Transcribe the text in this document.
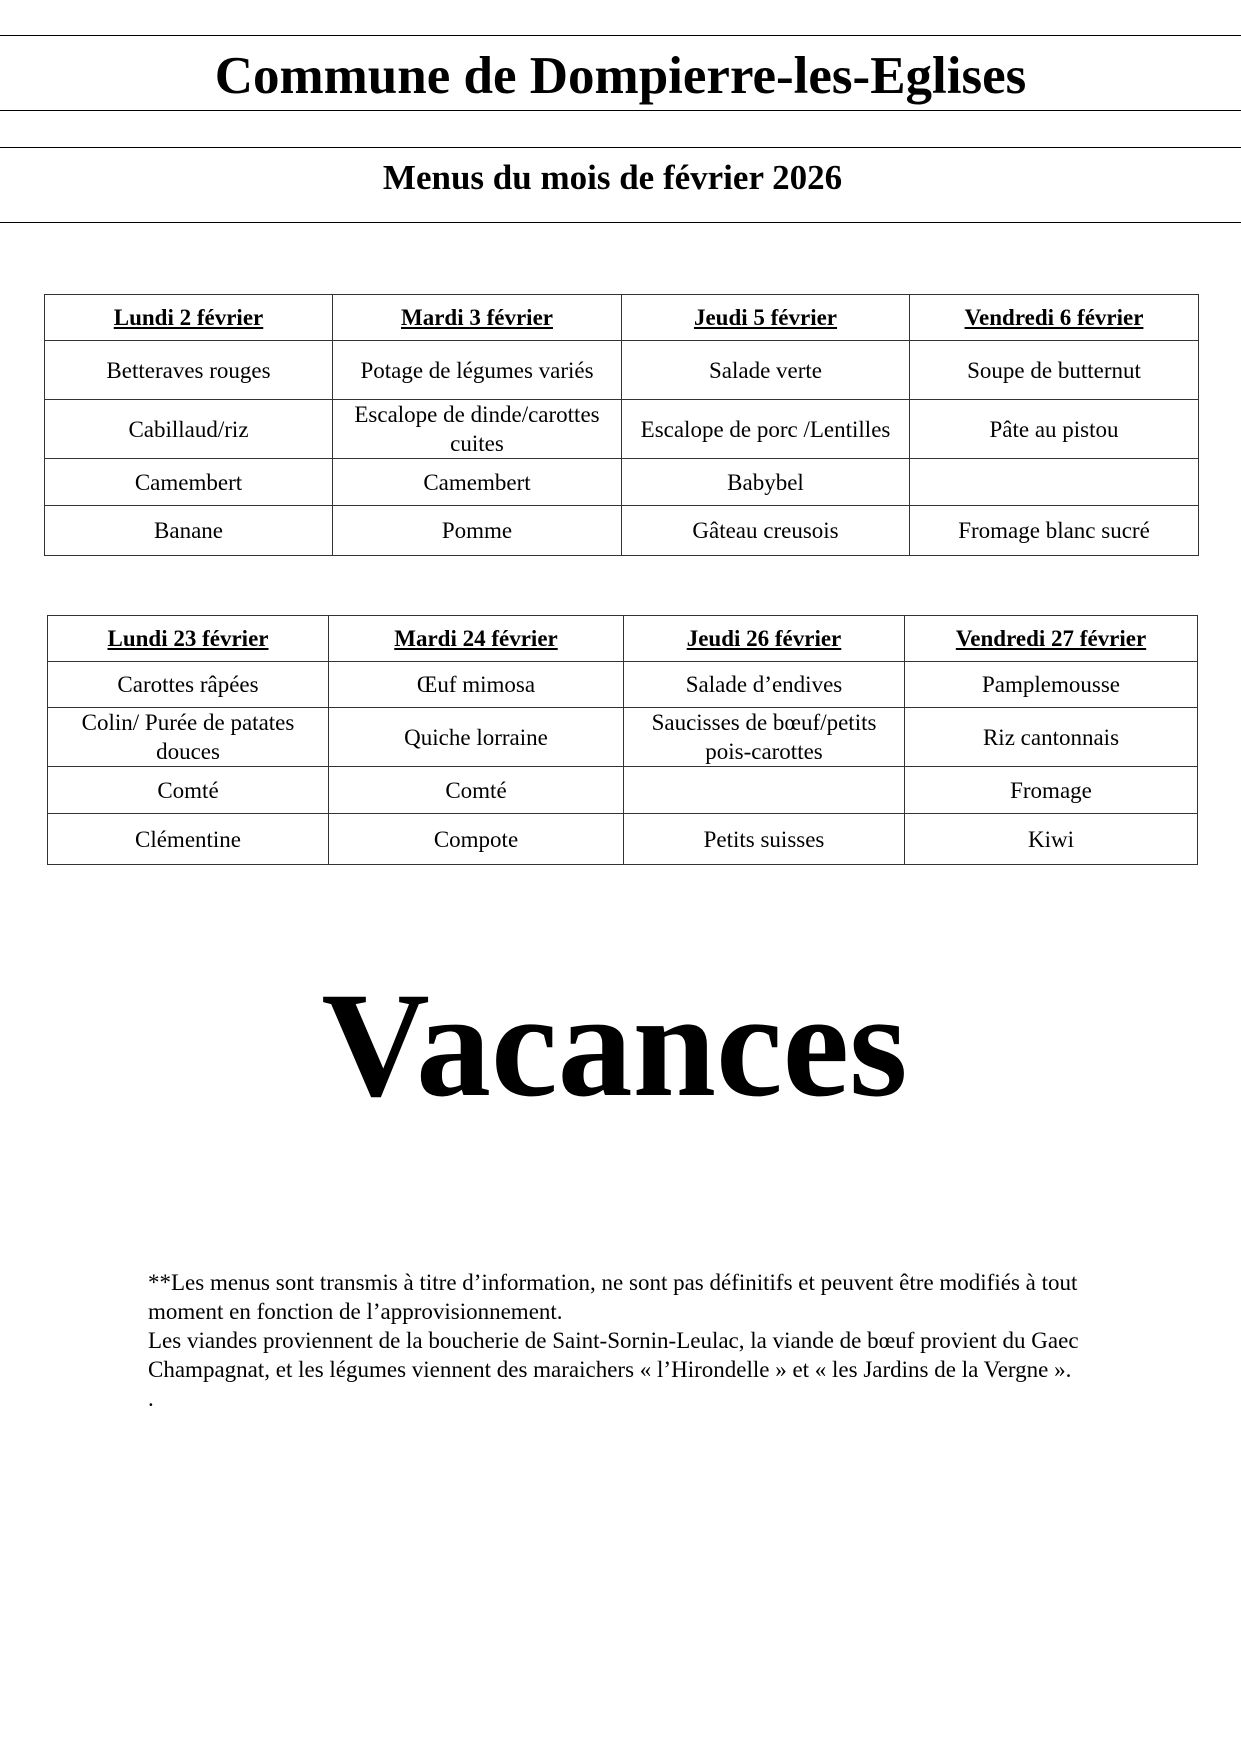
Commune de Dompierre-les-Eglises
Menus du mois de février 2026
Lundi 2 février	Mardi 3 février	Jeudi 5 février	Vendredi 6 février
Betteraves rouges	Potage de légumes variés	Salade verte	Soupe de butternut
Cabillaud/riz	Escalope de dinde/carottes cuites	Escalope de porc /Lentilles	Pâte au pistou
Camembert	Camembert	Babybel	
Banane	Pomme	Gâteau creusois	Fromage blanc sucré
Lundi 23 février	Mardi 24 février	Jeudi 26 février	Vendredi 27 février
Carottes râpées	Œuf mimosa	Salade d’endives	Pamplemousse
Colin/ Purée de patates douces	Quiche lorraine	Saucisses de bœuf/petits pois-carottes	Riz cantonnais
Comté	Comté		Fromage
Clémentine	Compote	Petits suisses	Kiwi
Vacances

**Les menus sont transmis à titre d’information, ne sont pas définitifs et peuvent être modifiés à tout moment en fonction de l’approvisionnement.

Les viandes proviennent de la boucherie de Saint-Sornin-Leulac, la viande de bœuf provient du Gaec Champagnat, et les légumes viennent des maraichers « l’Hirondelle » et « les Jardins de la Vergne ».

.
